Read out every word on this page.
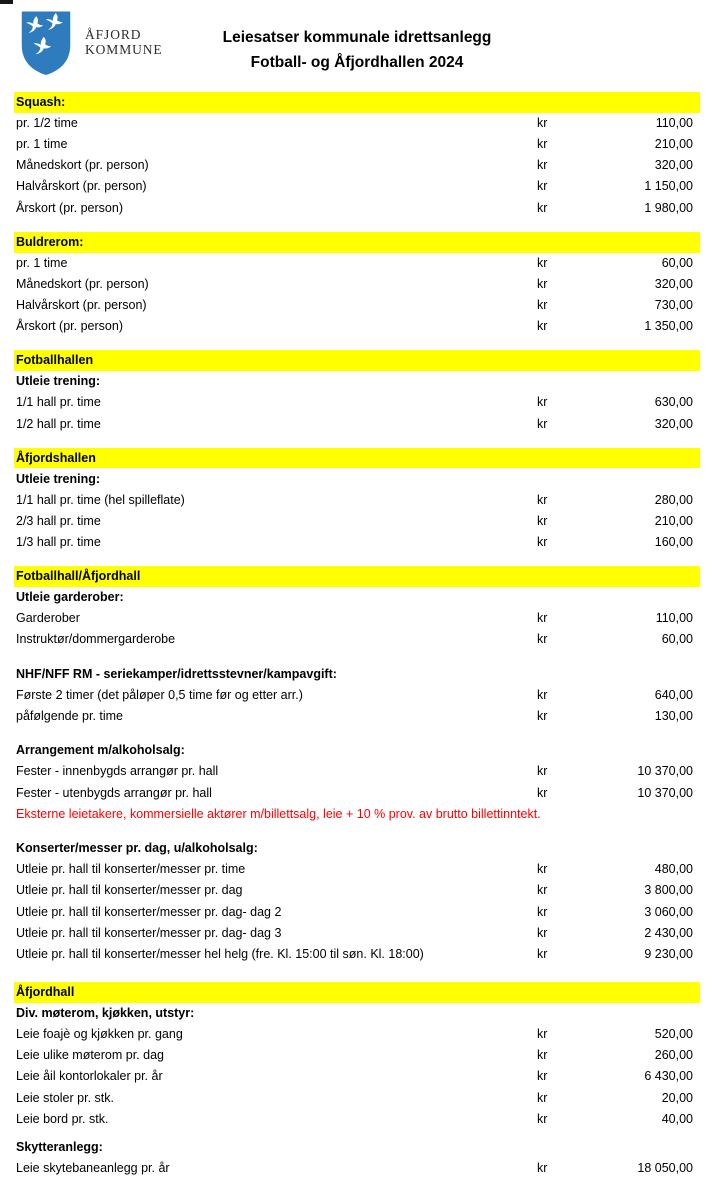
ÅFJORD
KOMMUNE
Leiesatser kommunale idrettsanlegg
Fotball- og Åfjordhallen 2024
Squash:
pr. 1/2 time	kr	110,00
pr. 1 time	kr	210,00
Månedskort (pr. person)	kr	320,00
Halvårskort (pr. person)	kr	1 150,00
Årskort (pr. person)	kr	1 980,00
Buldrerom:
pr. 1 time	kr	60,00
Månedskort (pr. person)	kr	320,00
Halvårskort (pr. person)	kr	730,00
Årskort (pr. person)	kr	1 350,00
Fotballhallen
Utleie trening:
1/1 hall pr. time	kr	630,00
1/2 hall pr. time	kr	320,00
Åfjordshallen
Utleie trening:
1/1 hall pr. time (hel spilleflate)	kr	280,00
2/3 hall pr. time	kr	210,00
1/3 hall pr. time	kr	160,00
Fotballhall/Åfjordhall
Utleie garderober:
Garderober	kr	110,00
Instruktør/dommergarderobe	kr	60,00
NHF/NFF RM - seriekamper/idrettsstevner/kampavgift:
Første 2 timer (det påløper 0,5 time før og etter arr.)	kr	640,00
påfølgende pr. time	kr	130,00
Arrangement m/alkoholsalg:
Fester - innenbygds arrangør pr. hall	kr	10 370,00
Fester - utenbygds arrangør pr. hall	kr	10 370,00
Eksterne leietakere, kommersielle aktører m/billettsalg, leie + 10 % prov. av brutto billettinntekt.
Konserter/messer pr. dag, u/alkoholsalg:
Utleie pr. hall til konserter/messer pr. time	kr	480,00
Utleie pr. hall til konserter/messer pr. dag	kr	3 800,00
Utleie pr. hall til konserter/messer pr. dag- dag 2	kr	3 060,00
Utleie pr. hall til konserter/messer pr. dag- dag 3	kr	2 430,00
Utleie pr. hall til konserter/messer hel helg (fre. Kl. 15:00 til søn. Kl. 18:00)	kr	9 230,00
Åfjordhall
Div. møterom, kjøkken, utstyr:
Leie foajè og kjøkken pr. gang	kr	520,00
Leie ulike møterom pr. dag	kr	260,00
Leie åil kontorlokaler pr. år	kr	6 430,00
Leie stoler pr. stk.	kr	20,00
Leie bord pr. stk.	kr	40,00
Skytteranlegg:
Leie skytebaneanlegg pr. år	kr	18 050,00
